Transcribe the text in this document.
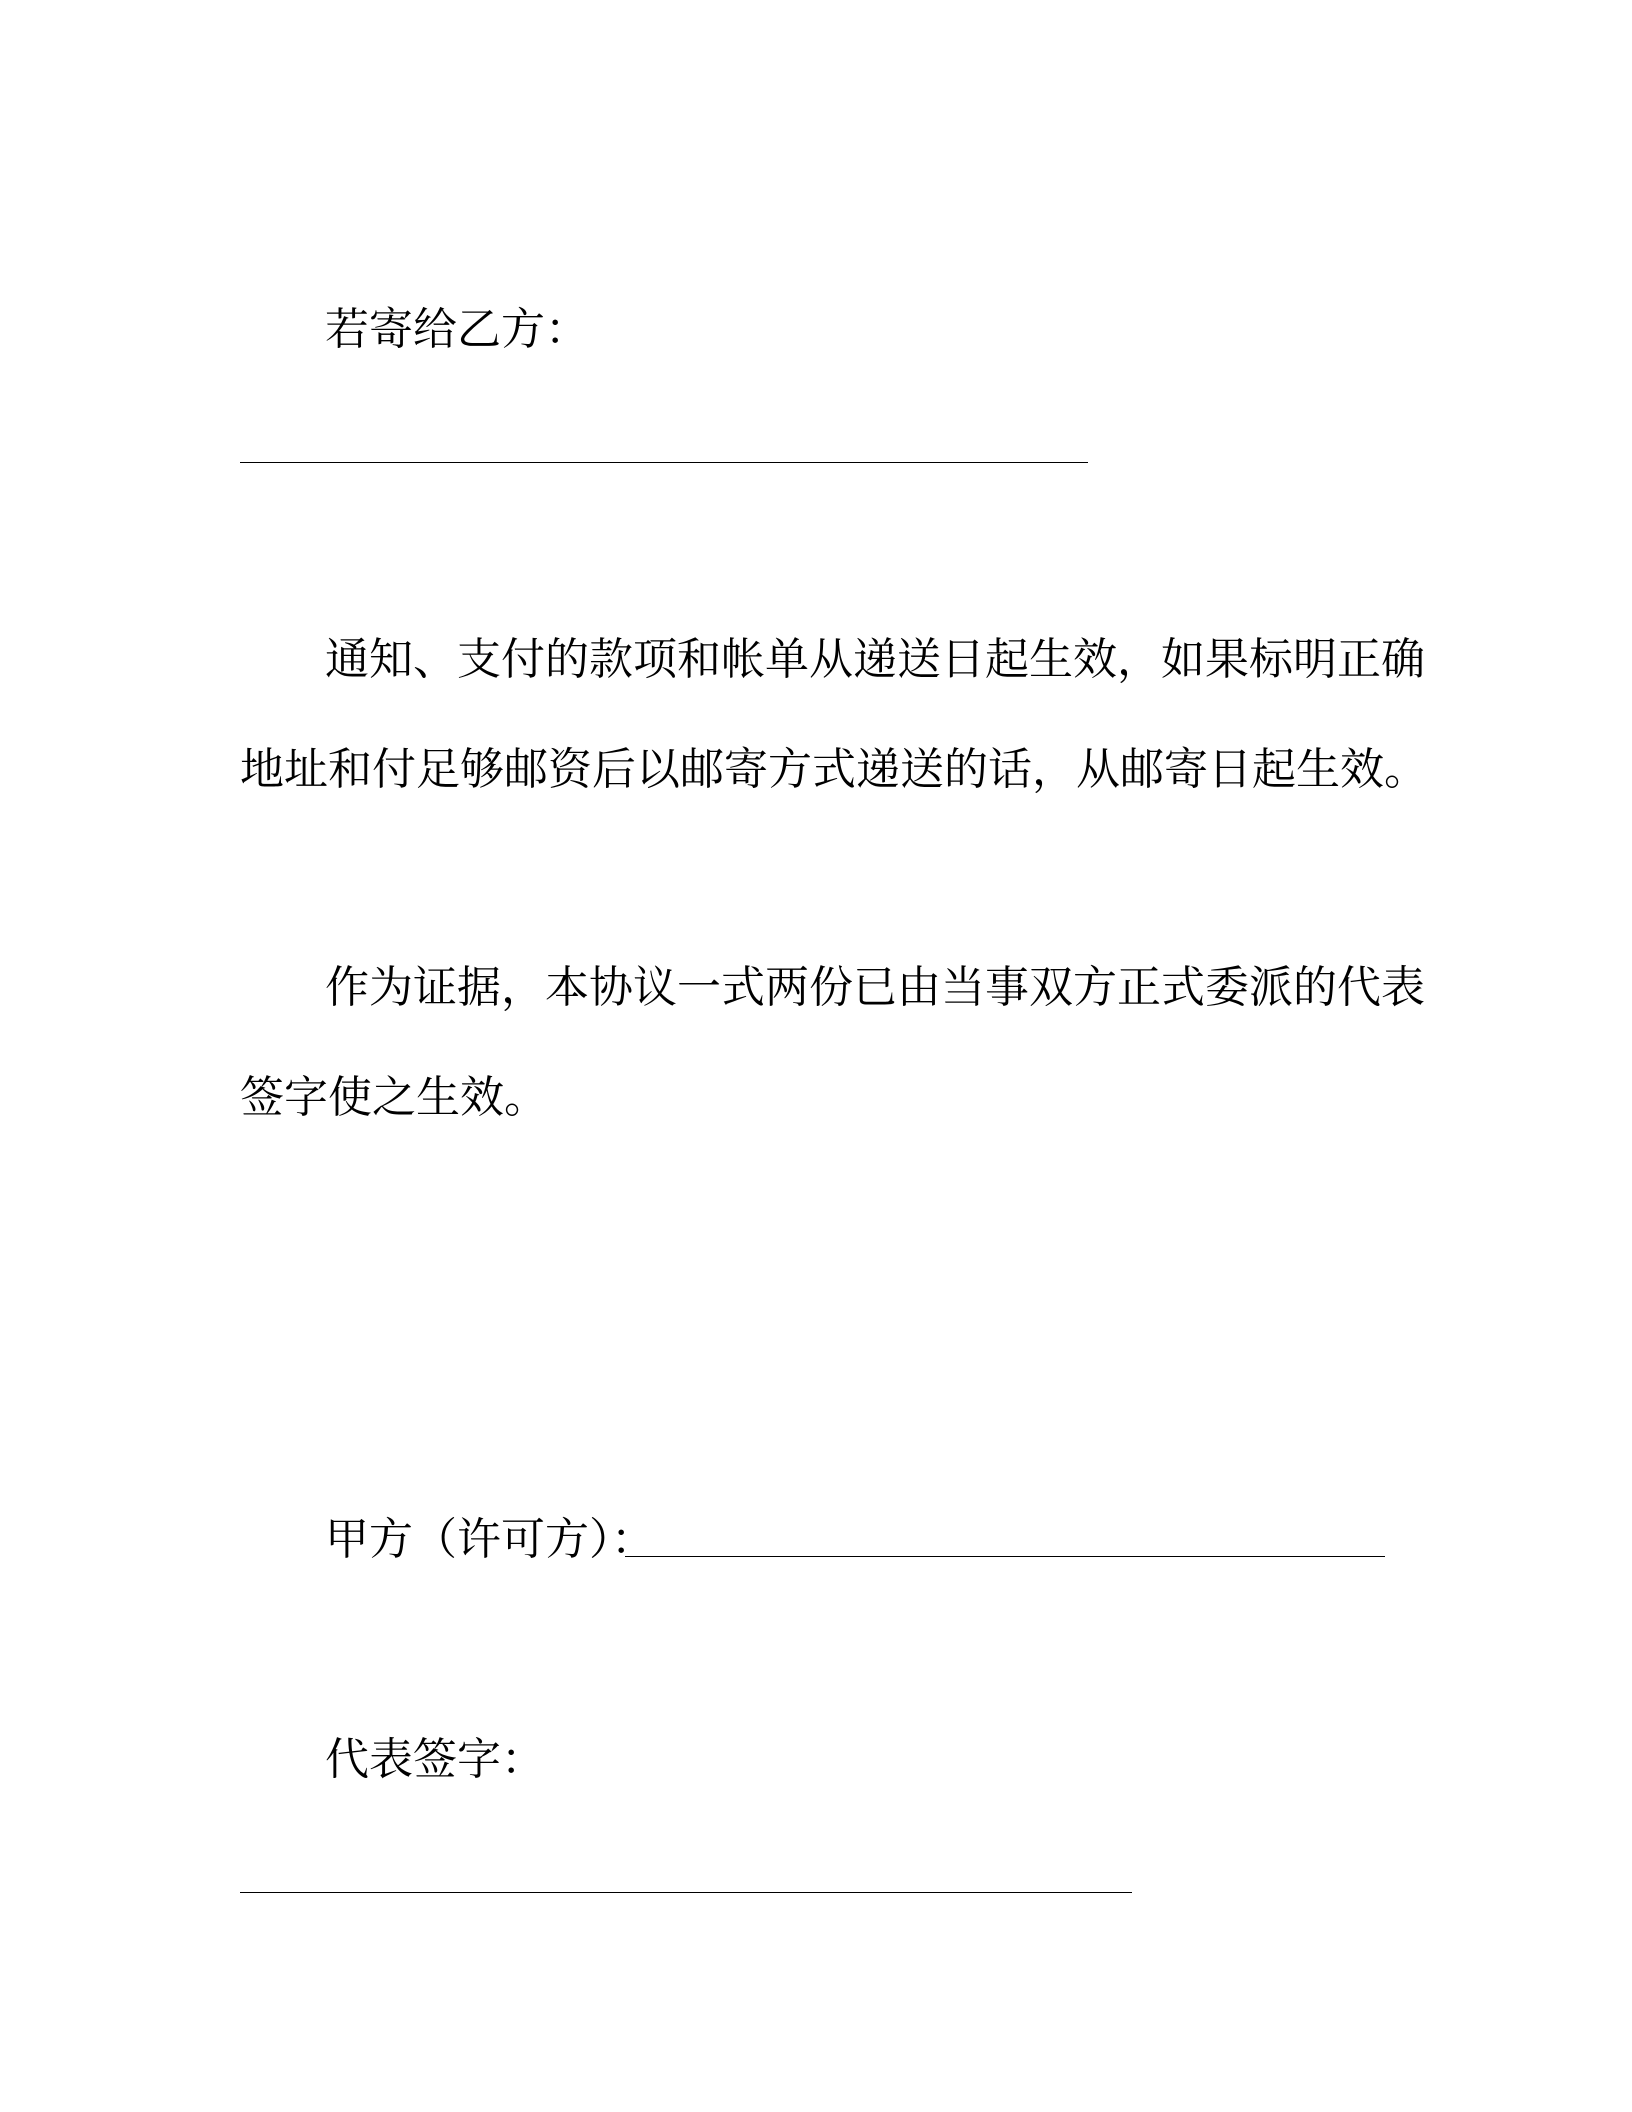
若寄给乙方：
通知、支付的款项和帐单从递送日起生效，如果标明正确
地址和付足够邮资后以邮寄方式递送的话，从邮寄日起生效。
作为证据，本协议一式两份已由当事双方正式委派的代表
签字使之生效。
甲方（许可方）：
代表签字：
